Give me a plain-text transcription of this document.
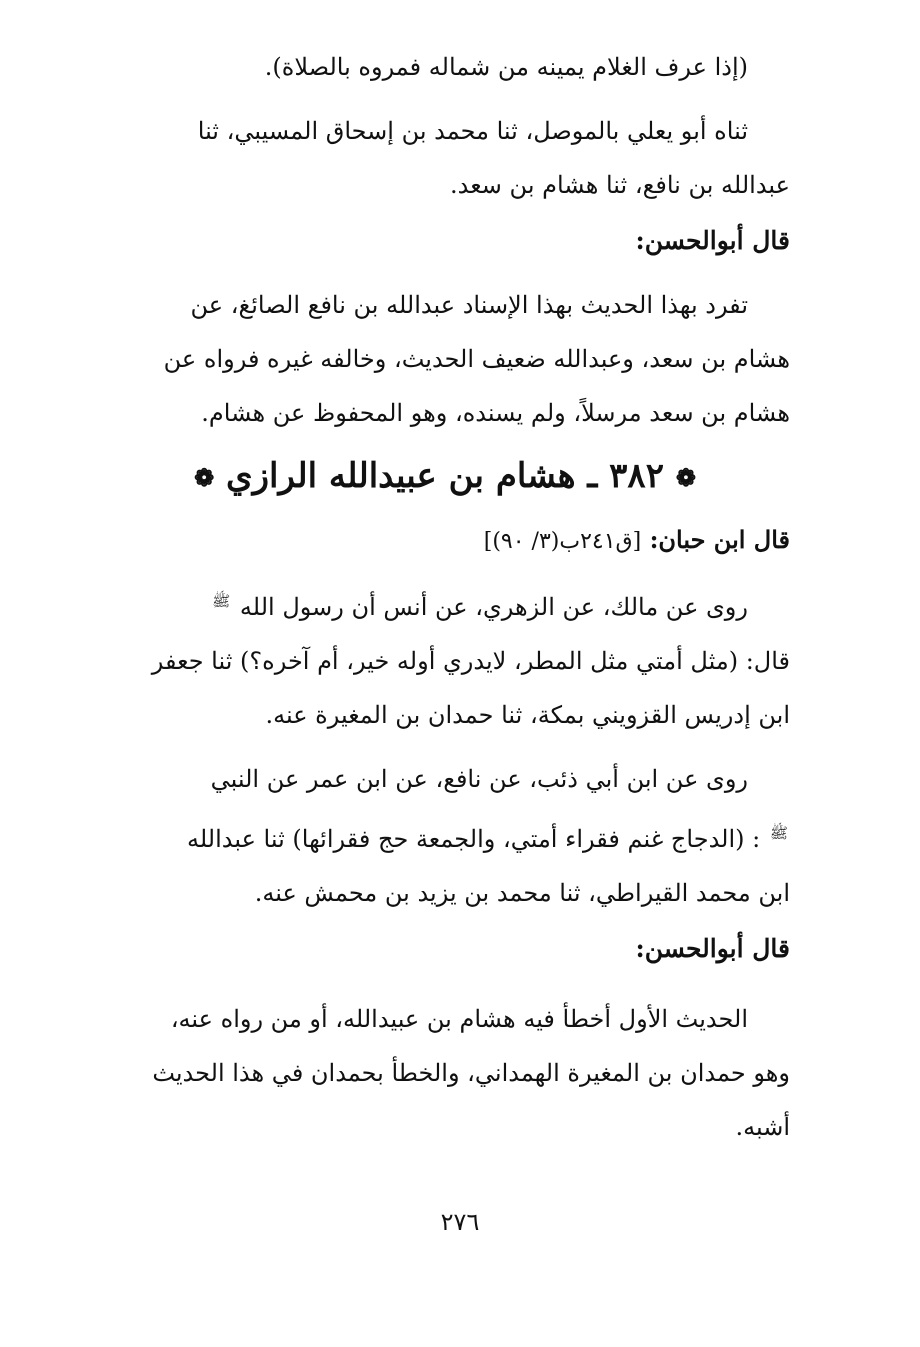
(إذا عرف الغلام يمينه من شماله فمروه بالصلاة).
ثناه أبو يعلي بالموصل، ثنا محمد بن إسحاق المسيبي، ثنا
عبدالله بن نافع، ثنا هشام بن سعد.
قال أبوالحسن:
تفرد بهذا الحديث بهذا الإسناد عبدالله بن نافع الصائغ، عن
هشام بن سعد، وعبدالله ضعيف الحديث، وخالفه غيره فرواه عن
هشام بن سعد مرسلاً، ولم يسنده، وهو المحفوظ عن هشام.
❁ ٣٨٢ ـ هشام بن عبيدالله الرازي ❁
قال ابن حبان: [ق٢٤١ب(٣/ ٩٠)]
روى عن مالك، عن الزهري، عن أنس أن رسول الله $^ﷺ$
قال: (مثل أمتي مثل المطر، لايدري أوله خير، أم آخره؟) ثنا جعفر
ابن إدريس القزويني بمكة، ثنا حمدان بن المغيرة عنه.
روى عن ابن أبي ذئب، عن نافع، عن ابن عمر عن النبي
$^ﷺ$ : (الدجاج غنم فقراء أمتي، والجمعة حج فقرائها) ثنا عبدالله
ابن محمد القيراطي، ثنا محمد بن يزيد بن محمش عنه.
قال أبوالحسن:
الحديث الأول أخطأ فيه هشام بن عبيدالله، أو من رواه عنه،
وهو حمدان بن المغيرة الهمداني، والخطأ بحمدان في هذا الحديث
أشبه.
٢٧٦
